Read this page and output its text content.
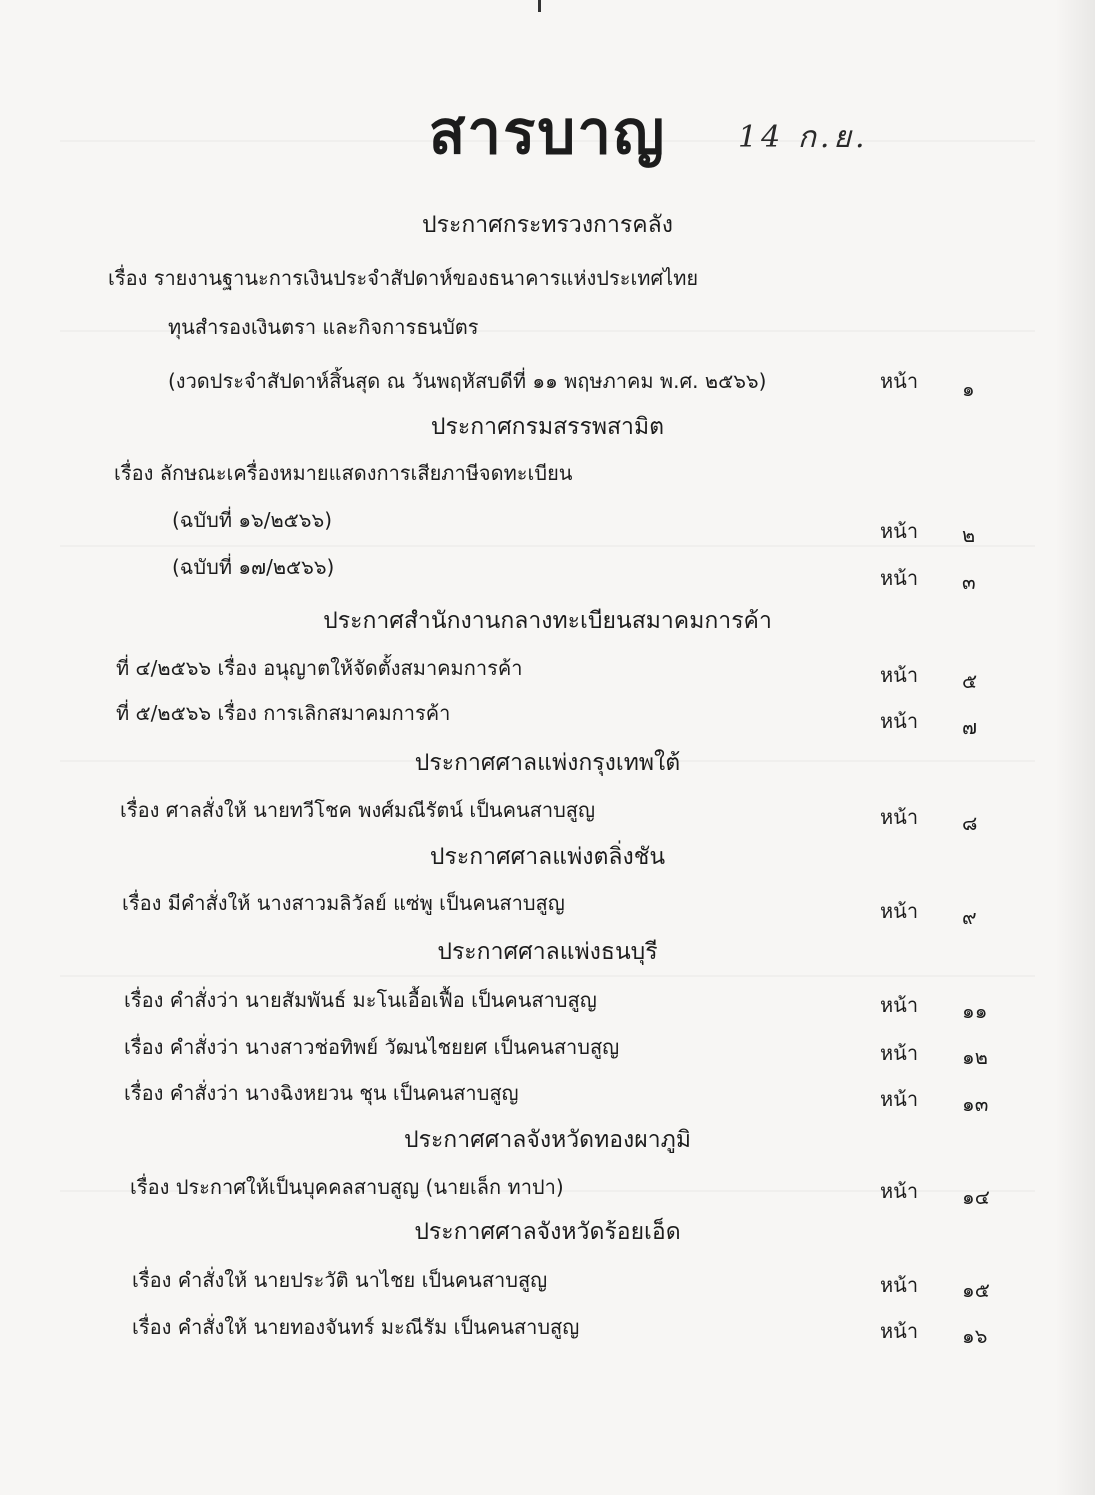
สารบาญ	14 ก.ย.
ประกาศกระทรวงการคลัง
เรื่อง รายงานฐานะการเงินประจำสัปดาห์ของธนาคารแห่งประเทศไทย
ทุนสำรองเงินตรา และกิจการธนบัตร
(งวดประจำสัปดาห์สิ้นสุด ณ วันพฤหัสบดีที่ ๑๑ พฤษภาคม พ.ศ. ๒๕๖๖)	หน้า ๑
ประกาศกรมสรรพสามิต
เรื่อง ลักษณะเครื่องหมายแสดงการเสียภาษีจดทะเบียน
(ฉบับที่ ๑๖/๒๕๖๖)	หน้า ๒
(ฉบับที่ ๑๗/๒๕๖๖)	หน้า ๓
ประกาศสำนักงานกลางทะเบียนสมาคมการค้า
ที่ ๔/๒๕๖๖ เรื่อง อนุญาตให้จัดตั้งสมาคมการค้า	หน้า ๕
ที่ ๕/๒๕๖๖ เรื่อง การเลิกสมาคมการค้า	หน้า ๗
ประกาศศาลแพ่งกรุงเทพใต้
เรื่อง ศาลสั่งให้ นายทวีโชค พงศ์มณีรัตน์ เป็นคนสาบสูญ	หน้า ๘
ประกาศศาลแพ่งตลิ่งชัน
เรื่อง มีคำสั่งให้ นางสาวมลิวัลย์ แซ่พู เป็นคนสาบสูญ	หน้า ๙
ประกาศศาลแพ่งธนบุรี
เรื่อง คำสั่งว่า นายสัมพันธ์ มะโนเอื้อเฟื้อ เป็นคนสาบสูญ	หน้า ๑๑
เรื่อง คำสั่งว่า นางสาวช่อทิพย์ วัฒนไชยยศ เป็นคนสาบสูญ	หน้า ๑๒
เรื่อง คำสั่งว่า นางฉิงหยวน ชุน เป็นคนสาบสูญ	หน้า ๑๓
ประกาศศาลจังหวัดทองผาภูมิ
เรื่อง ประกาศให้เป็นบุคคลสาบสูญ (นายเล็ก ทาปา)	หน้า ๑๔
ประกาศศาลจังหวัดร้อยเอ็ด
เรื่อง คำสั่งให้ นายประวัติ นาไชย เป็นคนสาบสูญ	หน้า ๑๕
เรื่อง คำสั่งให้ นายทองจันทร์ มะณีรัม เป็นคนสาบสูญ	หน้า ๑๖
